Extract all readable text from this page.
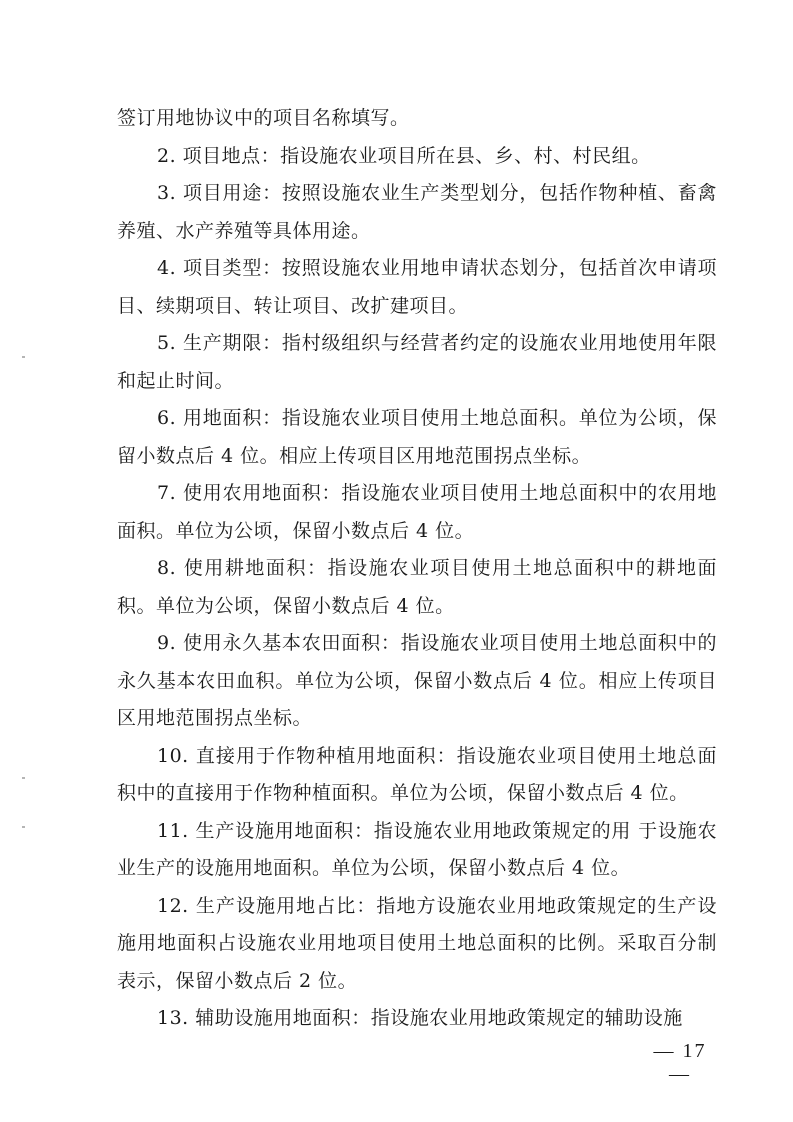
签订用地协议中的项目名称填写。

2. 项目地点：指设施农业项目所在县、乡、村、村民组。

3. 项目用途：按照设施农业生产类型划分，包括作物种植、畜禽养殖、水产养殖等具体用途。

4. 项目类型：按照设施农业用地申请状态划分，包括首次申请项目、续期项目、转让项目、改扩建项目。

5. 生产期限：指村级组织与经营者约定的设施农业用地使用年限和起止时间。

6. 用地面积：指设施农业项目使用土地总面积。单位为公顷，保留小数点后 4 位。相应上传项目区用地范围拐点坐标。

7. 使用农用地面积：指设施农业项目使用土地总面积中的农用地面积。单位为公顷，保留小数点后 4 位。

8. 使用耕地面积：指设施农业项目使用土地总面积中的耕地面积。单位为公顷，保留小数点后 4 位。

9. 使用永久基本农田面积：指设施农业项目使用土地总面积中的永久基本农田血积。单位为公顷，保留小数点后 4 位。相应上传项目区用地范围拐点坐标。

10. 直接用于作物种植用地面积：指设施农业项目使用土地总面积中的直接用于作物种植面积。单位为公顷，保留小数点后 4 位。

11. 生产设施用地面积：指设施农业用地政策规定的用 于设施农业生产的设施用地面积。单位为公顷，保留小数点后 4 位。

12. 生产设施用地占比：指地方设施农业用地政策规定的生产设施用地面积占设施农业用地项目使用土地总面积的比例。采取百分制表示，保留小数点后 2 位。

13. 辅助设施用地面积：指设施农业用地政策规定的辅助设施

— 17 —
